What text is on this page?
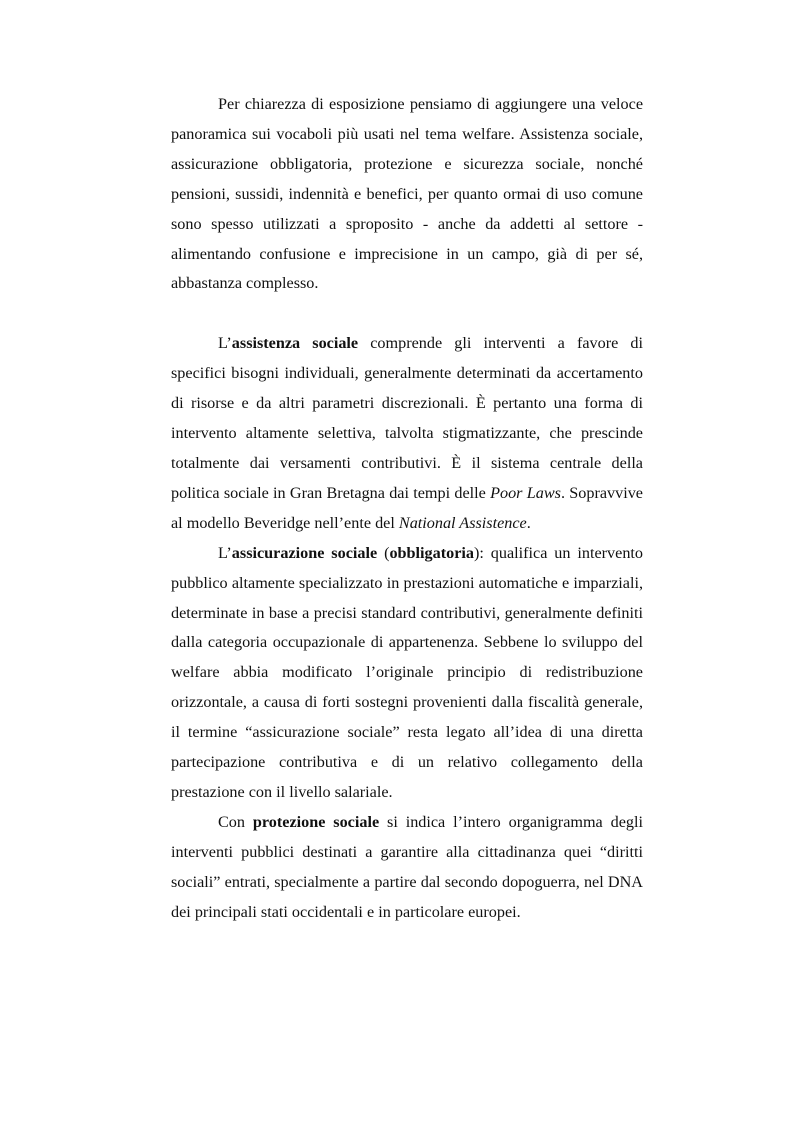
Per chiarezza di esposizione pensiamo di aggiungere una veloce panoramica sui vocaboli più usati nel tema welfare. Assistenza sociale, assicurazione obbligatoria, protezione e sicurezza sociale, nonché pensioni, sussidi, indennità e benefici, per quanto ormai di uso comune sono spesso utilizzati a sproposito - anche da addetti al settore - alimentando confusione e imprecisione in un campo, già di per sé, abbastanza complesso.

L’assistenza sociale comprende gli interventi a favore di specifici bisogni individuali, generalmente determinati da accertamento di risorse e da altri parametri discrezionali. È pertanto una forma di intervento altamente selettiva, talvolta stigmatizzante, che prescinde totalmente dai versamenti contributivi. È il sistema centrale della politica sociale in Gran Bretagna dai tempi delle Poor Laws. Sopravvive al modello Beveridge nell’ente del National Assistence.

L’assicurazione sociale (obbligatoria): qualifica un intervento pubblico altamente specializzato in prestazioni automatiche e imparziali, determinate in base a precisi standard contributivi, generalmente definiti dalla categoria occupazionale di appartenenza. Sebbene lo sviluppo del welfare abbia modificato l’originale principio di redistribuzione orizzontale, a causa di forti sostegni provenienti dalla fiscalità generale, il termine “assicurazione sociale” resta legato all’idea di una diretta partecipazione contributiva e di un relativo collegamento della prestazione con il livello salariale.

Con protezione sociale si indica l’intero organigramma degli interventi pubblici destinati a garantire alla cittadinanza quei “diritti sociali” entrati, specialmente a partire dal secondo dopoguerra, nel DNA dei principali stati occidentali e in particolare europei.
